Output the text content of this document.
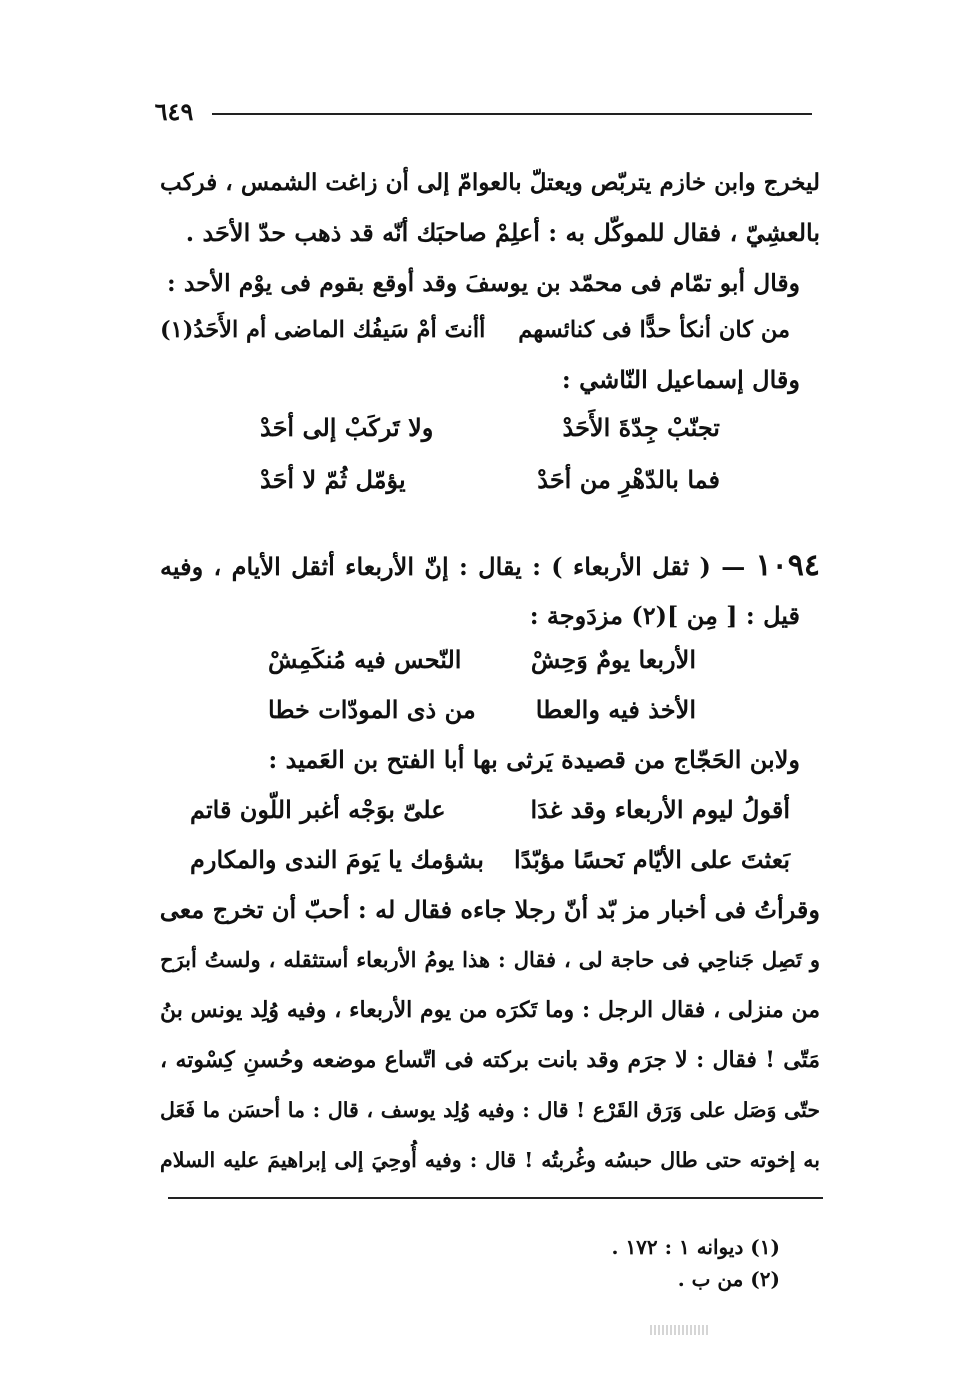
٦٤٩
ليخرج وابن خازم يتربّص ويعتلّ بالعوامّ إلى أن زاغت الشمس ، فركب
بالعشِيّ ، فقال للموكّل به : أعلِمْ صاحبَك أنّه قد ذهب حدّ الأحَد .
وقال أبو تمّام فى محمّد بن يوسفَ وقد أوقع بقوم فى يوْم الأحد :
من كان أنكأ حدًّا فى كنائسهم
أأنتَ أمْ سَيفُك الماضى أم الأَحَدُ(١)
وقال إسماعيل النّاشي :
تجنّبْ جِدّةَ الأَحَدْ
ولا تَركَبْ إلى أحَدْ
فما بالدّهْرِ من أحَدْ
يؤمّل ثُمّ لا أحَدْ
١٠٩٤ — ( ثقل الأربعاء ) : يقال : إنّ الأربعاء أثقل الأيام ، وفيه
قيل : [ مِن ](٢) مزدَوجة :
الأربعا يومٌ وَحِشْ
النّحس فيه مُنكَمِشْ
الأخذ فيه والعطا
من ذى المودّات خطا
ولابن الحَجّاج من قصيدة يَرثى بها أبا الفتح بن العَميد :
أقولُ ليوم الأربعاء وقد غدَا
علىّ بوَجْه أغبر اللّون قاتم
بَعثتَ على الأيّام نَحسًا مؤبّدًا
بشؤمك يا يَومَ الندى والمكارم
وقرأتُ فى أخبار مز بّد أنّ رجلا جاءه فقال له : أحبّ أن تخرج معى
و تَصِل جَناحِي فى حاجة لى ، فقال : هذا يومُ الأربعاء أستثقله ، ولستُ أبرَح
من منزلى ، فقال الرجل : وما تَكرَه من يوم الأربعاء ، وفيه وُلِد يونس بنُ
مَتّى ! فقال : لا جرَم وقد بانت بركته فى اتّساع موضعه وحُسنِ كِسْوته ،
حتّى وَصَل على وَرَق القَرْع ! قال : وفيه وُلِد يوسف ، قال : ما أحسَن ما فَعَل
به إخوته حتى طال حبسُه وغُربتُه ! قال : وفيه أُوحِيَ إلى إبراهيمَ عليه السلام
(١) ديوانه ١ : ١٧٢ .
(٢) من ب .
